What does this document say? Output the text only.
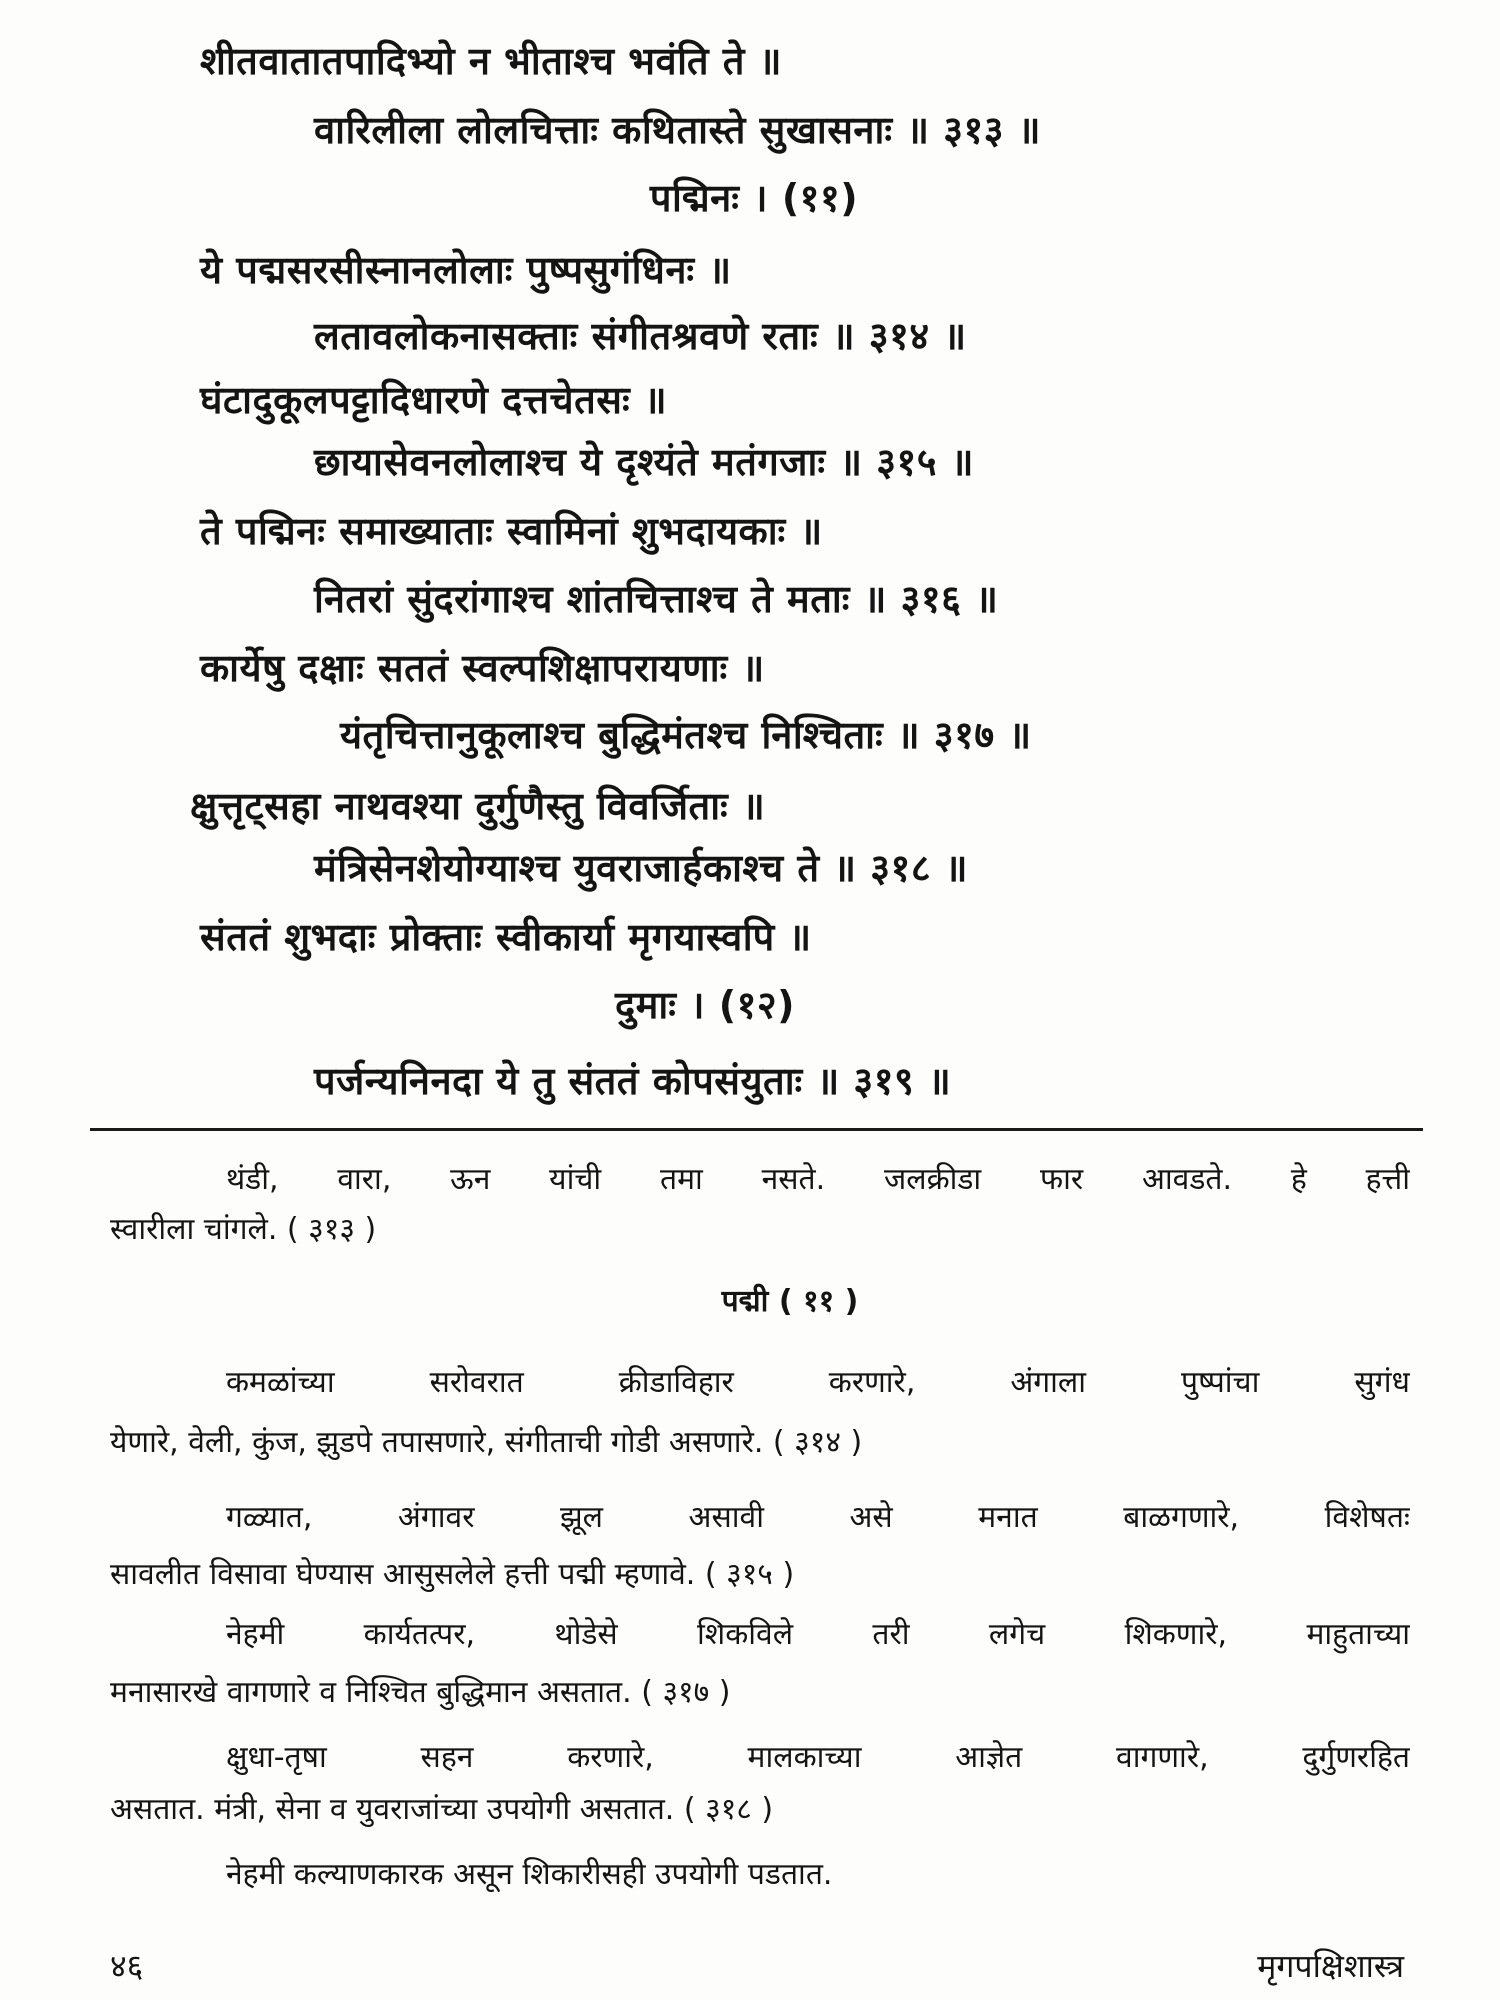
शीतवातातपादिभ्यो न भीताश्च भवंति ते ॥
वारिलीला लोलचित्ताः कथितास्ते सुखासनाः ॥ ३१३ ॥
पद्मिनः । (११)
ये पद्मसरसीस्नानलोलाः पुष्पसुगंधिनः ॥
लतावलोकनासक्ताः संगीतश्रवणे रताः ॥ ३१४ ॥
घंटादुकूलपट्टादिधारणे दत्तचेतसः ॥
छायासेवनलोलाश्च ये दृश्यंते मतंगजाः ॥ ३१५ ॥
ते पद्मिनः समाख्याताः स्वामिनां शुभदायकाः ॥
नितरां सुंदरांगाश्च शांतचित्ताश्च ते मताः ॥ ३१६ ॥
कार्येषु दक्षाः सततं स्वल्पशिक्षापरायणाः ॥
यंतृचित्तानुकूलाश्च बुद्धिमंतश्च निश्चिताः ॥ ३१७ ॥
क्षुत्तृट्सहा नाथवश्या दुर्गुणैस्तु विवर्जिताः ॥
मंत्रिसेनशेयोग्याश्च युवराजार्हकाश्च ते ॥ ३१८ ॥
संततं शुभदाः प्रोक्ताः स्वीकार्या मृगयास्वपि ॥
दुमाः । (१२)
पर्जन्यनिनदा ये तु संततं कोपसंयुताः ॥ ३१९ ॥
थंडी, वारा, ऊन यांची तमा नसते. जलक्रीडा फार आवडते. हे हत्ती
स्वारीला चांगले. ( ३१३ )
पद्मी ( ११ )
कमळांच्या सरोवरात क्रीडाविहार करणारे, अंगाला पुष्पांचा सुगंध
येणारे, वेली, कुंज, झुडपे तपासणारे, संगीताची गोडी असणारे. ( ३१४ )
गळ्यात, अंगावर झूल असावी असे मनात बाळगणारे, विशेषतः
सावलीत विसावा घेण्यास आसुसलेले हत्ती पद्मी म्हणावे. ( ३१५ )
नेहमी कार्यतत्पर, थोडेसे शिकविले तरी लगेच शिकणारे, माहुताच्या
मनासारखे वागणारे व निश्चित बुद्धिमान असतात. ( ३१७ )
क्षुधा-तृषा सहन करणारे, मालकाच्या आज्ञेत वागणारे, दुर्गुणरहित
असतात. मंत्री, सेना व युवराजांच्या उपयोगी असतात. ( ३१८ )
नेहमी कल्याणकारक असून शिकारीसही उपयोगी पडतात.
४६	मृगपक्षिशास्त्र
